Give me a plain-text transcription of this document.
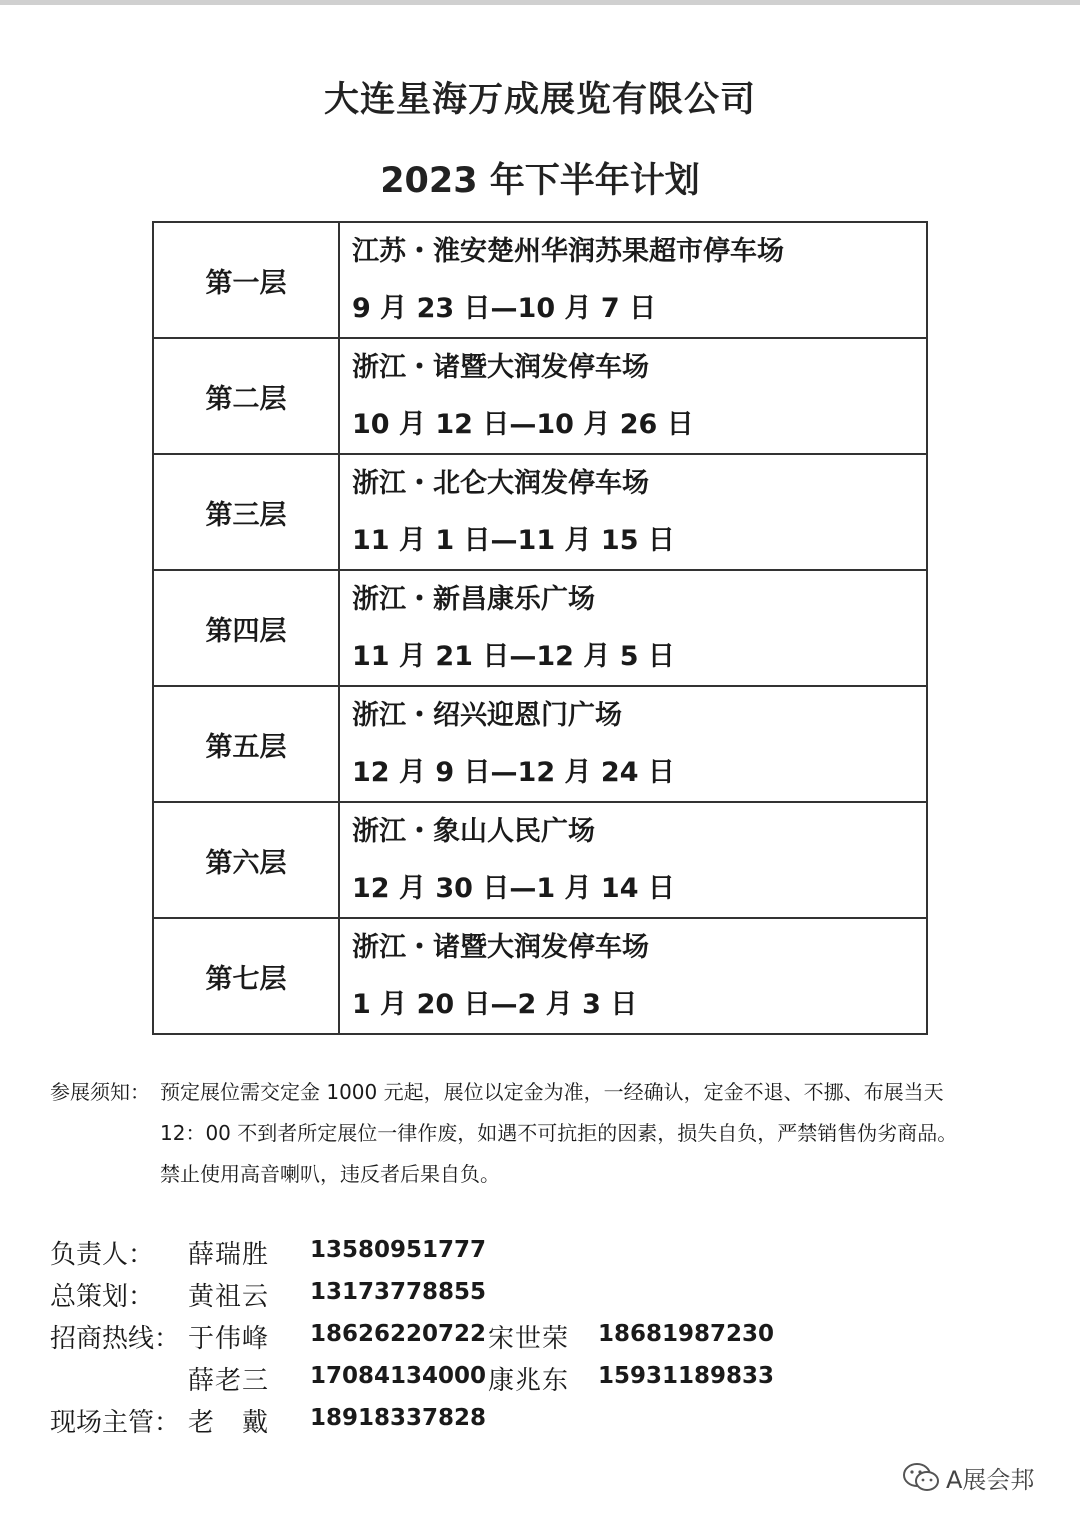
大连星海万成展览有限公司
2023 年下半年计划
第一层	江苏・淮安楚州华润苏果超市停车场
9 月 23 日—10 月 7 日

第二层	浙江・诸暨大润发停车场
10 月 12 日—10 月 26 日

第三层	浙江・北仑大润发停车场
11 月 1 日—11 月 15 日

第四层	浙江・新昌康乐广场
11 月 21 日—12 月 5 日

第五层	浙江・绍兴迎恩门广场
12 月 9 日—12 月 24 日

第六层	浙江・象山人民广场
12 月 30 日—1 月 14 日

第七层	浙江・诸暨大润发停车场
1 月 20 日—2 月 3 日
参展须知： 预定展位需交定金 1000 元起，展位以定金为准，一经确认，定金不退、不挪、布展当天
12：00 不到者所定展位一律作废，如遇不可抗拒的因素，损失自负，严禁销售伪劣商品。
禁止使用高音喇叭，违反者后果自负。
负责人： 薛瑞胜 13580951777
总策划： 黄祖云 13173778855
招商热线： 于伟峰 18626220722 宋世荣 18681987230
薛老三 17084134000 康兆东 15931189833
现场主管： 老　戴 18918337828
A展会邦
